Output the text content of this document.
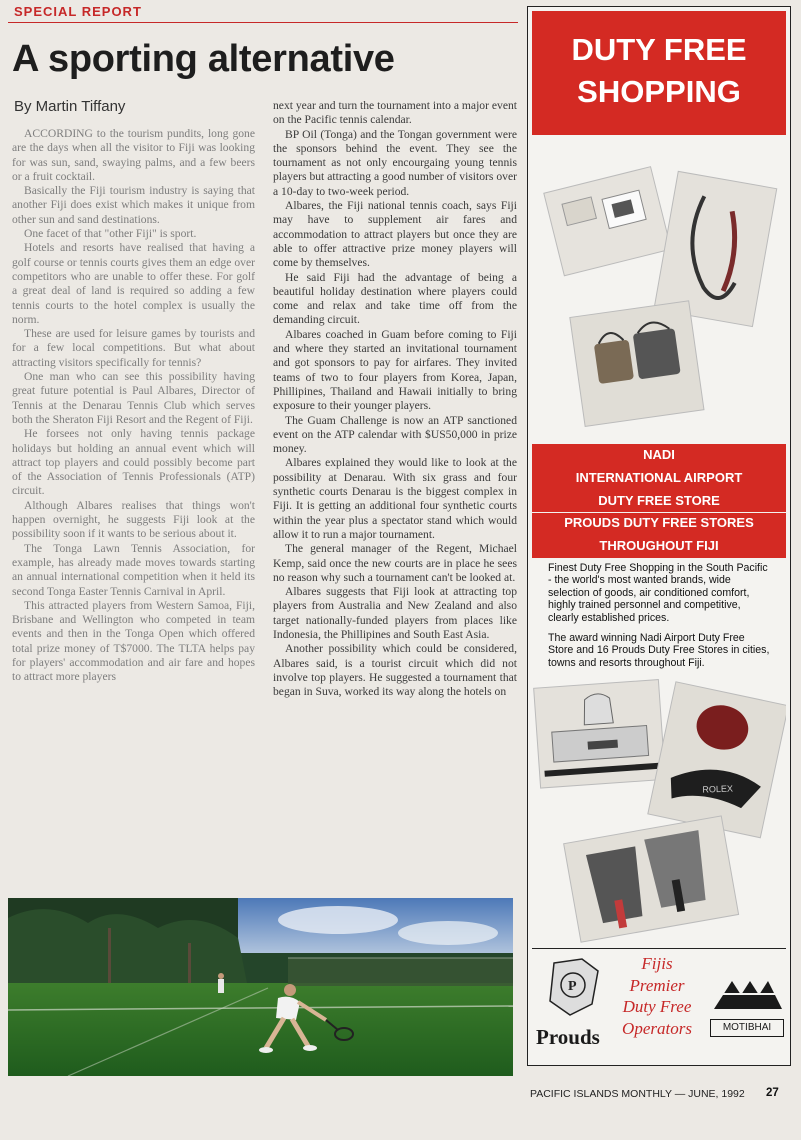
SPECIAL REPORT
A sporting alternative
By Martin Tiffany

ACCORDING to the tourism pundits, long gone are the days when all the visitor to Fiji was looking for was sun, sand, swaying palms, and a few beers or a fruit cocktail.

Basically the Fiji tourism industry is saying that another Fiji does exist which makes it unique from other sun and sand destinations.

One facet of that "other Fiji" is sport.

Hotels and resorts have realised that having a golf course or tennis courts gives them an edge over competitors who are unable to offer these. For golf a great deal of land is required so adding a few tennis courts to the hotel complex is usually the norm.

These are used for leisure games by tourists and for a few local competitions. But what about attracting visitors specifically for tennis?

One man who can see this possibility having great future potential is Paul Albares, Director of Tennis at the Denarau Tennis Club which serves both the Sheraton Fiji Resort and the Regent of Fiji.

He forsees not only having tennis package holidays but holding an annual event which will attract top players and could possibly become part of the Association of Tennis Professionals (ATP) circuit.

Although Albares realises that things won't happen overnight, he suggests Fiji look at the possibility soon if it wants to be serious about it.

The Tonga Lawn Tennis Association, for example, has already made moves towards starting an annual international competition when it held its second Tonga Easter Tennis Carnival in April.

This attracted players from Western Samoa, Fiji, Brisbane and Wellington who competed in team events and then in the Tonga Open which offered total prize money of T$7000. The TLTA helps pay for players' accommodation and air fare and hopes to attract more players

next year and turn the tournament into a major event on the Pacific tennis calendar.

BP Oil (Tonga) and the Tongan government were the sponsors behind the event. They see the tournament as not only encourgaing young tennis players but attracting a good number of visitors over a 10-day to two-week period.

Albares, the Fiji national tennis coach, says Fiji may have to supplement air fares and accommodation to attract players but once they are able to offer attractive prize money players will come by themselves.

He said Fiji had the advantage of being a beautiful holiday destination where players could come and relax and take time off from the demanding circuit.

Albares coached in Guam before coming to Fiji and where they started an invitational tournament and got sponsors to pay for airfares. They invited teams of two to four players from Korea, Japan, Phillipines, Thailand and Hawaii initially to bring exposure to their younger players.

The Guam Challenge is now an ATP sanctioned event on the ATP calendar with $US50,000 in prize money.

Albares explained they would like to look at the possibility at Denarau. With six grass and four synthetic courts Denarau is the biggest complex in Fiji. It is getting an additional four synthetic courts within the year plus a spectator stand which would allow it to run a major tournament.

The general manager of the Regent, Michael Kemp, said once the new courts are in place he sees no reason why such a tournament can't be looked at.

Albares suggests that Fiji look at attracting top players from Australia and New Zealand and also target nationally-funded players from places like Indonesia, the Phillipines and South East Asia.

Another possibility which could be considered, Albares said, is a tourist circuit which did not involve top players. He suggested a tournament that began in Suva, worked its way along the hotels on

DUTY FREE
SHOPPING
NADI
INTERNATIONAL AIRPORT
DUTY FREE STORE
PROUDS DUTY FREE STORES
THROUGHOUT FIJI

Finest Duty Free Shopping in the South Pacific - the world's most wanted brands, wide selection of goods, air conditioned comfort, highly trained personnel and competitive, clearly established prices.

The award winning Nadi Airport Duty Free Store and 16 Prouds Duty Free Stores in cities, towns and resorts throughout Fiji.

ROLEX
P
Prouds
Fijis
Premier
Duty Free
Operators	MOTIBHAI
PACIFIC ISLANDS MONTHLY — JUNE, 1992 27
